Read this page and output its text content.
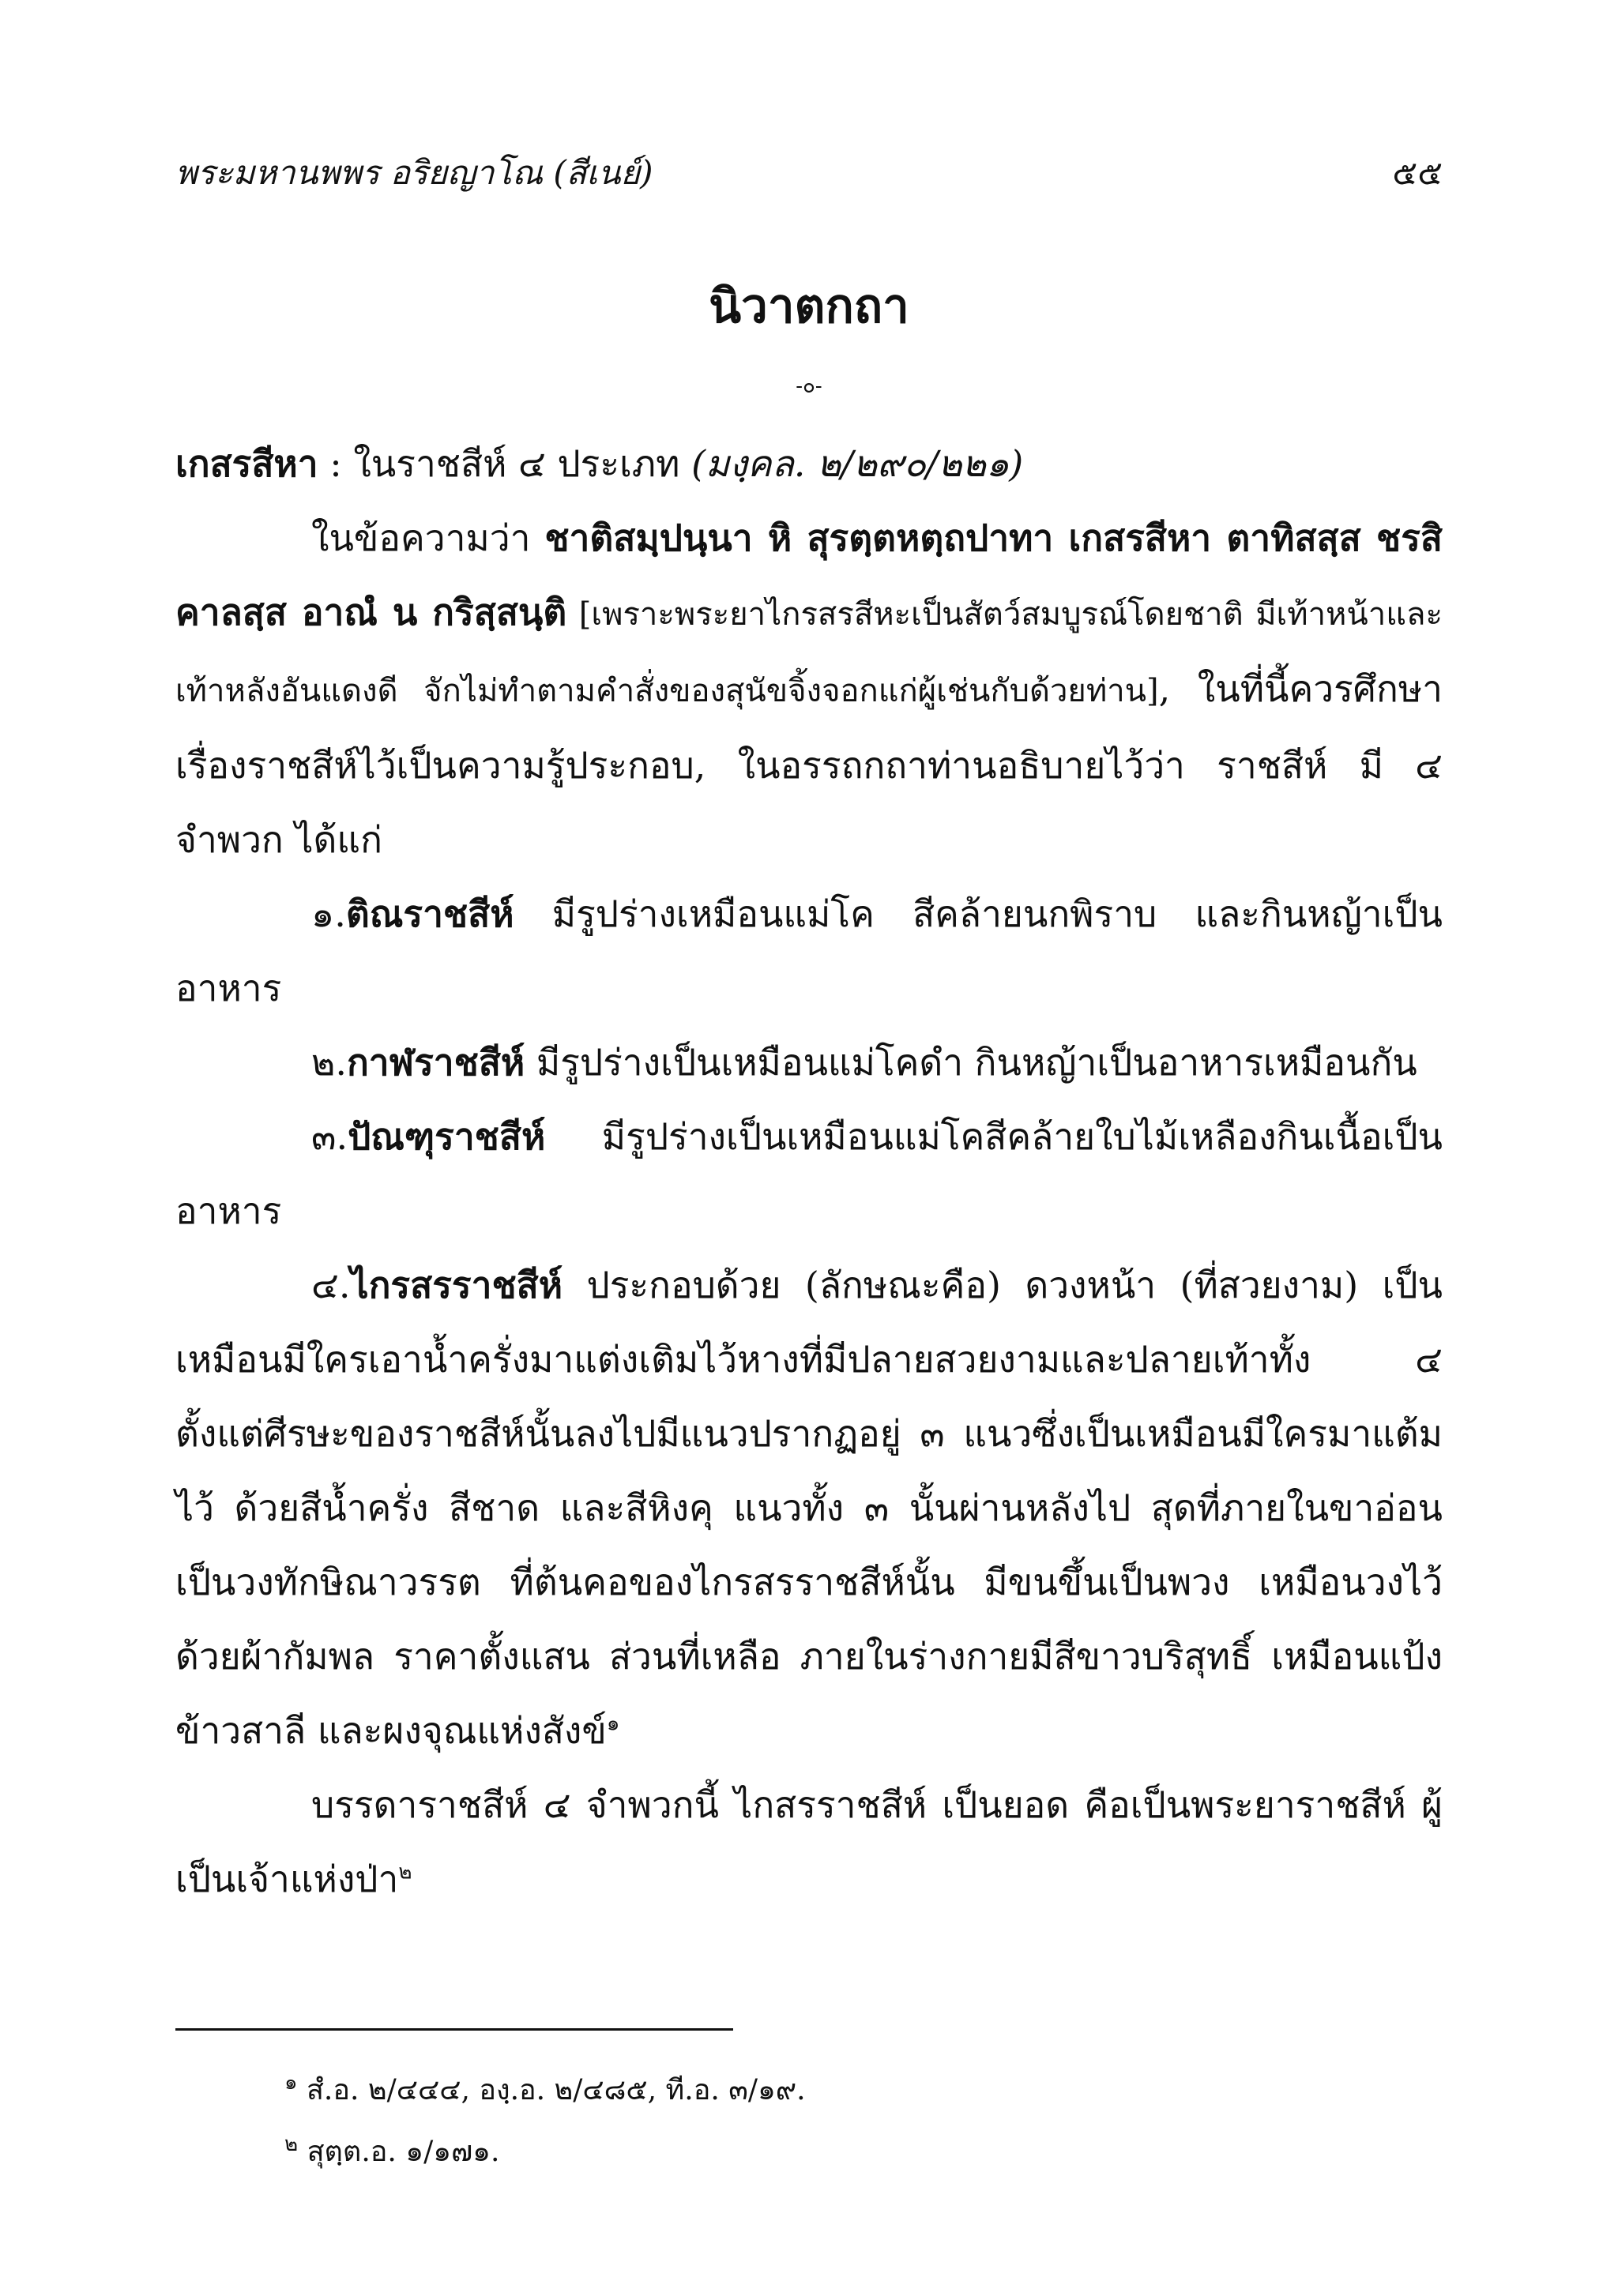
พระมหานพพร อริยญาโณ (สีเนย์)	๕๕
นิวาตกถา
-๐-

เกสรสีหา : ในราชสีห์ ๔ ประเภท (มงฺคล. ๒/๒๙๐/๒๒๑)

ในข้อความว่า ชาติสมฺปนฺนา หิ สุรตฺตหตฺถปาทา เกสรสีหา ตาทิสสฺส ชรสิคาลสฺส อาณํ น กริสฺสนฺติ [เพราะพระยาไกรสรสีหะเป็นสัตว์สมบูรณ์โดยชาติ มีเท้าหน้าและเท้าหลังอันแดงดี จักไม่ทำตามคำสั่งของสุนัขจิ้งจอกแก่ผู้เช่นกับด้วยท่าน], ในที่นี้ควรศึกษาเรื่องราชสีห์ไว้เป็นความรู้ประกอบ, ในอรรถกถาท่านอธิบายไว้ว่า ราชสีห์ มี ๔ จำพวก ได้แก่

๑.ติณราชสีห์ มีรูปร่างเหมือนแม่โค สีคล้ายนกพิราบ และกินหญ้าเป็นอาหาร

๒.กาฬราชสีห์ มีรูปร่างเป็นเหมือนแม่โคดำ กินหญ้าเป็นอาหารเหมือนกัน

๓.ปัณฑุราชสีห์ มีรูปร่างเป็นเหมือนแม่โคสีคล้ายใบไม้เหลืองกินเนื้อเป็นอาหาร

๔.ไกรสรราชสีห์ ประกอบด้วย (ลักษณะคือ) ดวงหน้า (ที่สวยงาม) เป็นเหมือนมีใครเอาน้ำครั่งมาแต่งเติมไว้หางที่มีปลายสวยงามและปลายเท้าทั้ง ๔ ตั้งแต่ศีรษะของราชสีห์นั้นลงไปมีแนวปรากฏอยู่ ๓ แนวซึ่งเป็นเหมือนมีใครมาแต้มไว้ ด้วยสีน้ำครั่ง สีชาด และสีหิงคุ แนวทั้ง ๓ นั้นผ่านหลังไป สุดที่ภายในขาอ่อน เป็นวงทักษิณาวรรต ที่ต้นคอของไกรสรราชสีห์นั้น มีขนขึ้นเป็นพวง เหมือนวงไว้ด้วยผ้ากัมพล ราคาตั้งแสน ส่วนที่เหลือ ภายในร่างกายมีสีขาวบริสุทธิ์ เหมือนแป้งข้าวสาลี และผงจุณแห่งสังข์$^๑$

บรรดาราชสีห์ ๔ จำพวกนี้ ไกสรราชสีห์ เป็นยอด คือเป็นพระยาราชสีห์ ผู้เป็นเจ้าแห่งป่า$^๒$

$^๑$ สํ.อ. ๒/๔๔๔, องฺ.อ. ๒/๔๘๕, ที.อ. ๓/๑๙.

$^๒$ สุตฺต.อ. ๑/๑๗๑.
